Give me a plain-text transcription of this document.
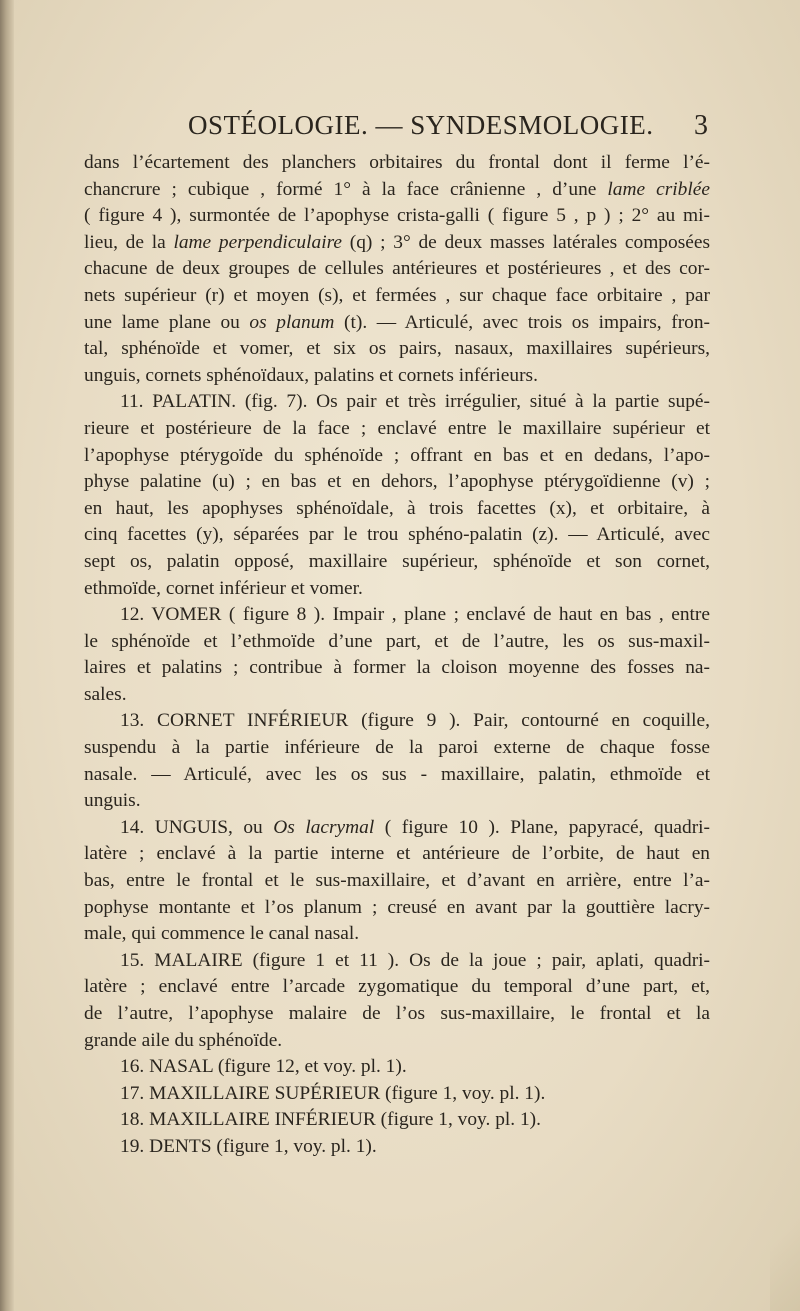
OSTÉOLOGIE. — SYNDESMOLOGIE. 3
dans l’écartement des planchers orbitaires du frontal dont il ferme l’é-
chancrure ; cubique , formé 1° à la face crânienne , d’une lame criblée
( figure 4 ), surmontée de l’apophyse crista-galli ( figure 5 , p ) ; 2° au mi-
lieu, de la lame perpendiculaire (q) ; 3° de deux masses latérales composées
chacune de deux groupes de cellules antérieures et postérieures , et des cor-
nets supérieur (r) et moyen (s), et fermées , sur chaque face orbitaire , par
une lame plane ou os planum (t). — Articulé, avec trois os impairs, fron-
tal, sphénoïde et vomer, et six os pairs, nasaux, maxillaires supérieurs,
unguis, cornets sphénoïdaux, palatins et cornets inférieurs.
11. PALATIN. (fig. 7). Os pair et très irrégulier, situé à la partie supé-
rieure et postérieure de la face ; enclavé entre le maxillaire supérieur et
l’apophyse ptérygoïde du sphénoïde ; offrant en bas et en dedans, l’apo-
physe palatine (u) ; en bas et en dehors, l’apophyse ptérygoïdienne (v) ;
en haut, les apophyses sphénoïdale, à trois facettes (x), et orbitaire, à
cinq facettes (y), séparées par le trou sphéno-palatin (z). — Articulé, avec
sept os, palatin opposé, maxillaire supérieur, sphénoïde et son cornet,
ethmoïde, cornet inférieur et vomer.
12. VOMER ( figure 8 ). Impair , plane ; enclavé de haut en bas , entre
le sphénoïde et l’ethmoïde d’une part, et de l’autre, les os sus-maxil-
laires et palatins ; contribue à former la cloison moyenne des fosses na-
sales.
13. CORNET INFÉRIEUR (figure 9 ). Pair, contourné en coquille,
suspendu à la partie inférieure de la paroi externe de chaque fosse
nasale. — Articulé, avec les os sus - maxillaire, palatin, ethmoïde et
unguis.
14. UNGUIS, ou Os lacrymal ( figure 10 ). Plane, papyracé, quadri-
latère ; enclavé à la partie interne et antérieure de l’orbite, de haut en
bas, entre le frontal et le sus-maxillaire, et d’avant en arrière, entre l’a-
pophyse montante et l’os planum ; creusé en avant par la gouttière lacry-
male, qui commence le canal nasal.
15. MALAIRE (figure 1 et 11 ). Os de la joue ; pair, aplati, quadri-
latère ; enclavé entre l’arcade zygomatique du temporal d’une part, et,
de l’autre, l’apophyse malaire de l’os sus-maxillaire, le frontal et la
grande aile du sphénoïde.
16. NASAL (figure 12, et voy. pl. 1).
17. MAXILLAIRE SUPÉRIEUR (figure 1, voy. pl. 1).
18. MAXILLAIRE INFÉRIEUR (figure 1, voy. pl. 1).
19. DENTS (figure 1, voy. pl. 1).
